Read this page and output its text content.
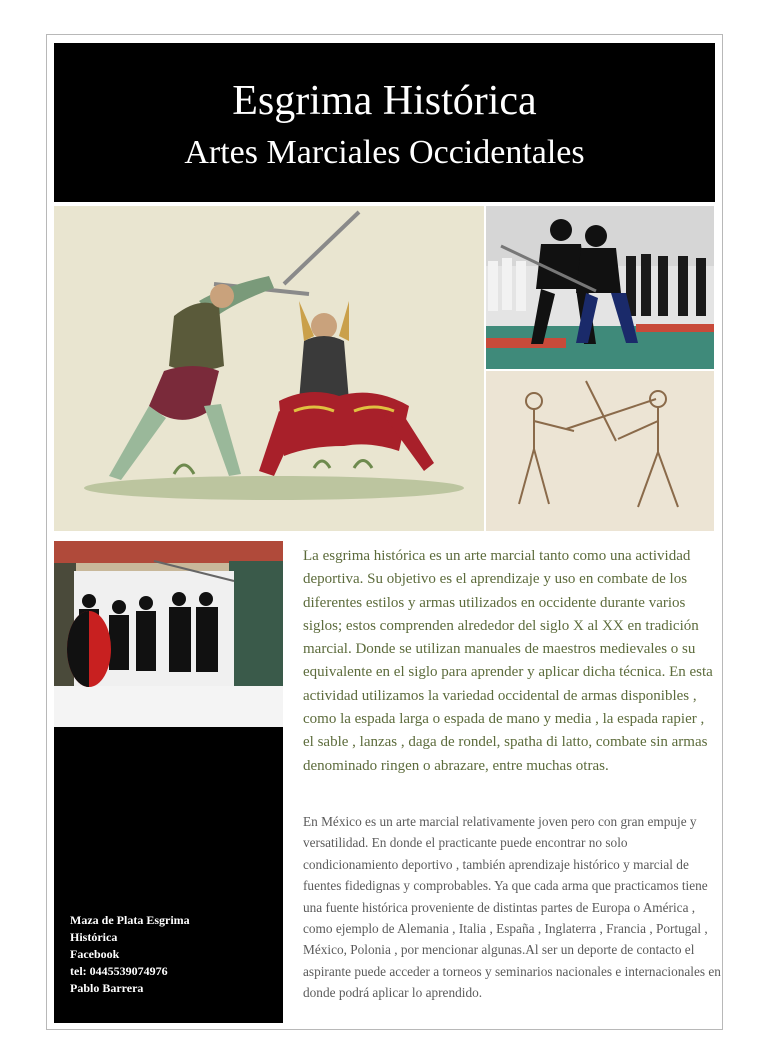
Esgrima Histórica
Artes Marciales Occidentales
Maza de Plata Esgrima
Histórica
Facebook
tel: 0445539074976
Pablo Barrera
La esgrima histórica es un arte marcial tanto como una actividad deportiva. Su objetivo es el aprendizaje y uso en combate de los diferentes estilos y armas utilizados en occidente durante varios siglos; estos comprenden alrededor del siglo X al XX en tradición marcial. Donde se utilizan manuales de maestros medievales o su equivalente en el siglo para aprender y aplicar dicha técnica. En esta actividad utilizamos la variedad occidental de armas disponibles , como la espada larga o espada de mano y media , la espada rapier , el sable , lanzas , daga de rondel, spatha di latto, combate sin armas denominado ringen o abrazare, entre muchas otras.
En México es un arte marcial relativamente joven pero con gran empuje y versatilidad. En donde el practicante puede encontrar no solo condicionamiento deportivo , también aprendizaje histórico y marcial de fuentes fidedignas y comprobables. Ya que cada arma que practicamos tiene una fuente histórica proveniente de distintas partes de Europa o América , como ejemplo de Alemania , Italia , España , Inglaterra , Francia , Portugal , México, Polonia , por mencionar algunas.Al ser un deporte de contacto el aspirante puede acceder a torneos y seminarios nacionales e internacionales en donde podrá aplicar lo aprendido.
